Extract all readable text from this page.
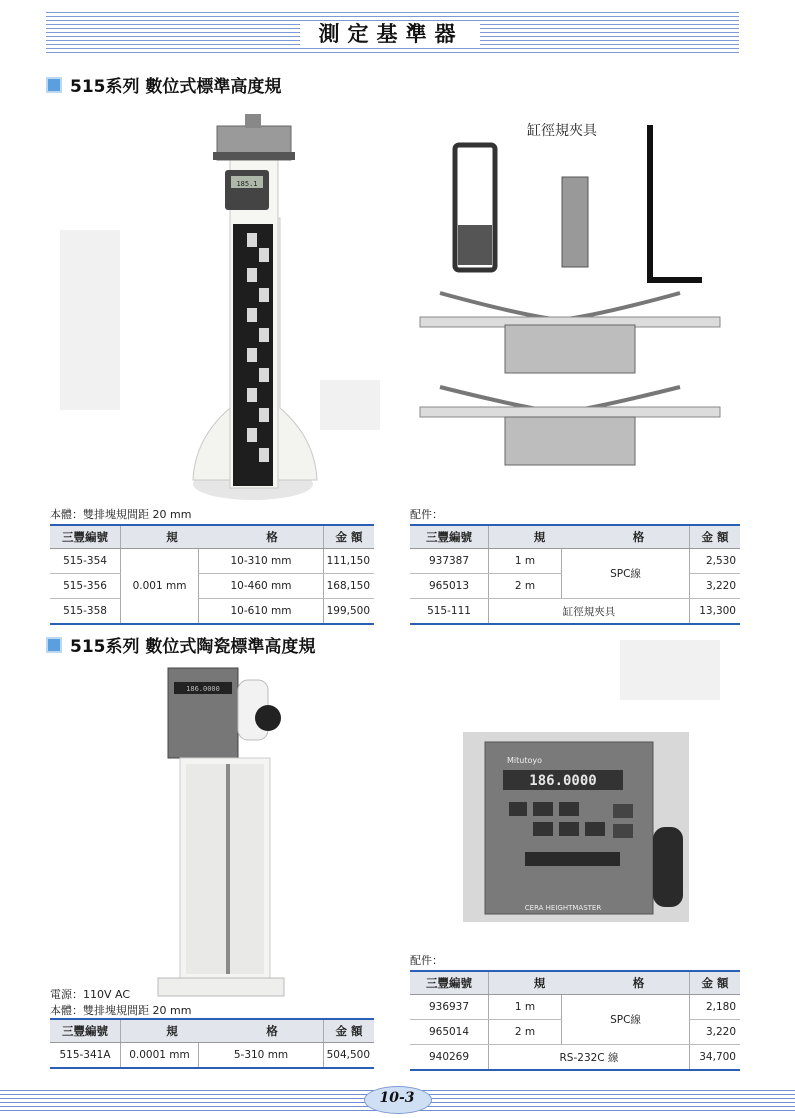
測定基準器
515系列 數位式標準高度規
185.1
缸徑規夾具
本體：雙排塊規間距 20 mm	配件：
三豐編號	規 格		金 額
515-354	0.001 mm	10-310 mm	111,150
515-356		10-460 mm	168,150
515-358		10-610 mm	199,500
三豐編號	規 格		金 額
937387	1 m	SPC線	2,530
965013	2 m		3,220
515-111	缸徑規夾具		13,300
515系列 數位式陶瓷標準高度規
186.0000
Mitutoyo
186.0000
CERA HEIGHTMASTER
電源：110V AC
本體：雙排塊規間距 20 mm
配件：
三豐編號	規 格		金 額
515-341A	0.0001 mm	5-310 mm	504,500
三豐編號	規 格		金 額
936937	1 m	SPC線	2,180
965014	2 m		3,220
940269	RS-232C 線		34,700
10-3
